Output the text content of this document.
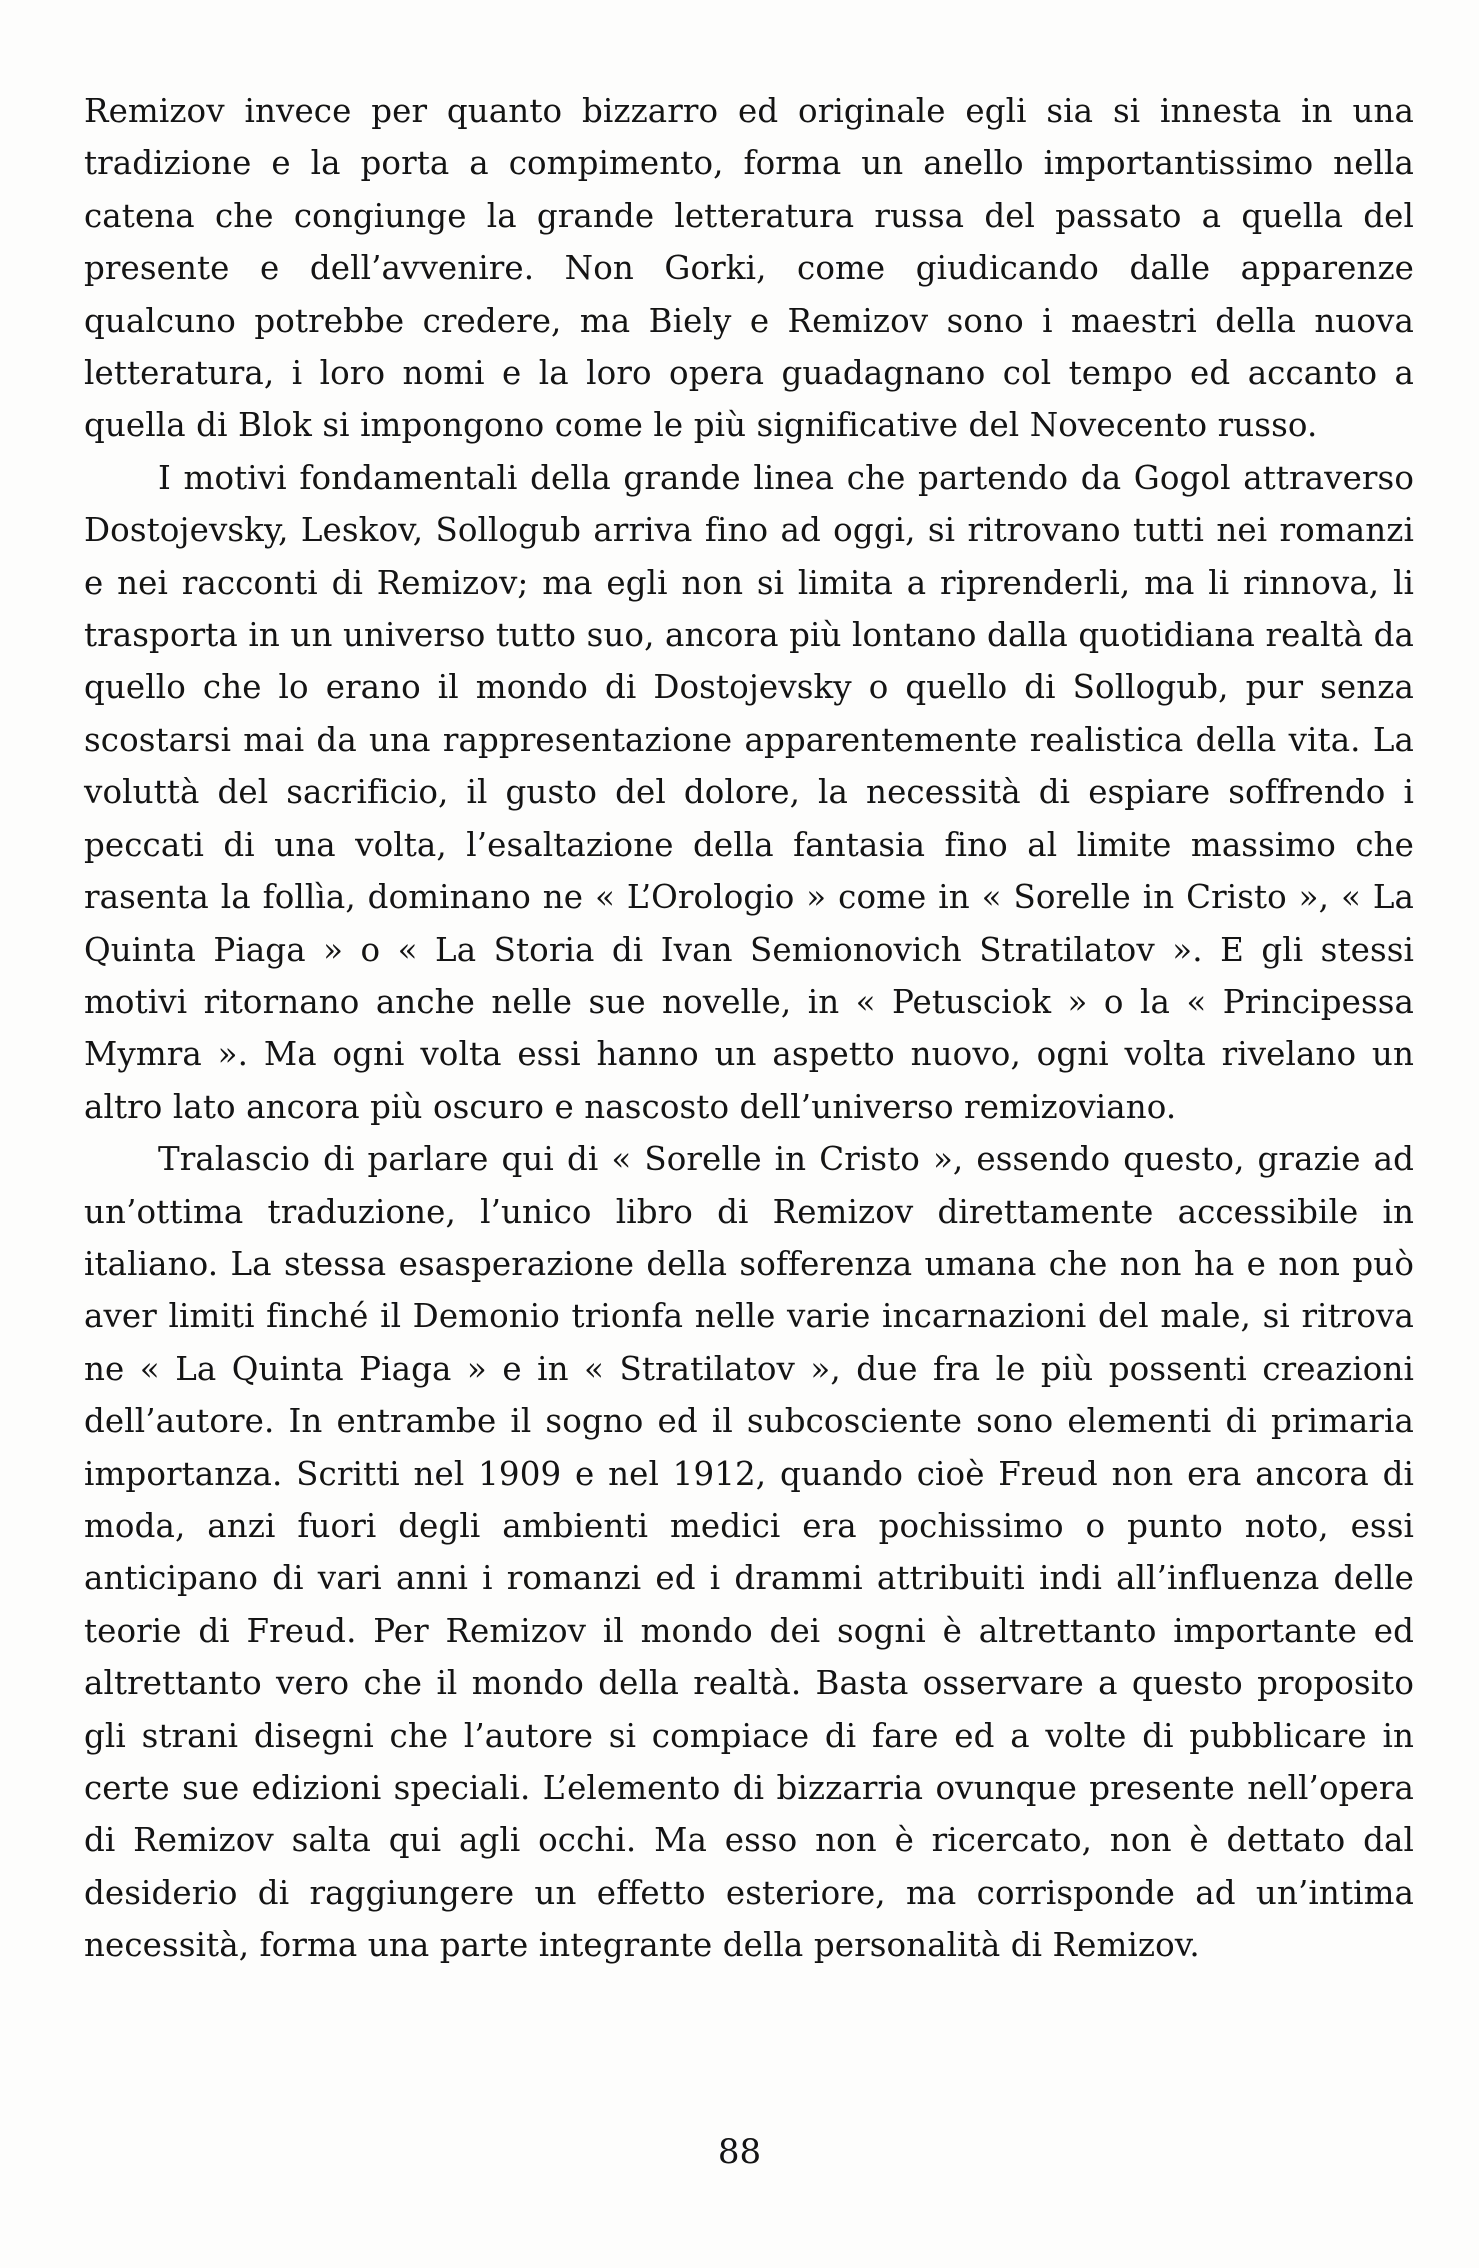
Remizov invece per quanto bizzarro ed originale egli sia si innesta in una tradizione e la porta a compimento, forma un anello importantissimo nella catena che congiunge la grande letteratura russa del passato a quella del presente e dell’avvenire. Non Gorki, come giudicando dalle apparenze qualcuno potrebbe credere, ma Biely e Remizov sono i maestri della nuova letteratura, i loro nomi e la loro opera guadagnano col tempo ed accanto a quella di Blok si impongono come le più significative del Novecento russo.

I motivi fondamentali della grande linea che partendo da Gogol attraverso Dostojevsky, Leskov, Sollogub arriva fino ad oggi, si ritrovano tutti nei romanzi e nei racconti di Remizov; ma egli non si limita a riprenderli, ma li rinnova, li trasporta in un universo tutto suo, ancora più lontano dalla quotidiana realtà da quello che lo erano il mondo di Dostojevsky o quello di Sollogub, pur senza scostarsi mai da una rappresentazione apparentemente realistica della vita. La voluttà del sacrificio, il gusto del dolore, la necessità di espiare soffrendo i peccati di una volta, l’esaltazione della fantasia fino al limite massimo che rasenta la follìa, dominano ne « L’Orologio » come in « Sorelle in Cristo », « La Quinta Piaga » o « La Storia di Ivan Semionovich Stratilatov ». E gli stessi motivi ritornano anche nelle sue novelle, in « Petusciok » o la « Principessa Mymra ». Ma ogni volta essi hanno un aspetto nuovo, ogni volta rivelano un altro lato ancora più oscuro e nascosto dell’universo remizoviano.

Tralascio di parlare qui di « Sorelle in Cristo », essendo questo, grazie ad un’ottima traduzione, l’unico libro di Remizov direttamente accessibile in italiano. La stessa esasperazione della sofferenza umana che non ha e non può aver limiti finché il Demonio trionfa nelle varie incarnazioni del male, si ritrova ne « La Quinta Piaga » e in « Stratilatov », due fra le più possenti creazioni dell’autore. In entrambe il sogno ed il subcosciente sono elementi di primaria importanza. Scritti nel 1909 e nel 1912, quando cioè Freud non era ancora di moda, anzi fuori degli ambienti medici era pochissimo o punto noto, essi anticipano di vari anni i romanzi ed i drammi attribuiti indi all’influenza delle teorie di Freud. Per Remizov il mondo dei sogni è altrettanto importante ed altrettanto vero che il mondo della realtà. Basta osservare a questo proposito gli strani disegni che l’autore si compiace di fare ed a volte di pubblicare in certe sue edizioni speciali. L’elemento di bizzarria ovunque presente nell’opera di Remizov salta qui agli occhi. Ma esso non è ricercato, non è dettato dal desiderio di raggiungere un effetto esteriore, ma corrisponde ad un’intima necessità, forma una parte integrante della personalità di Remizov.

88
